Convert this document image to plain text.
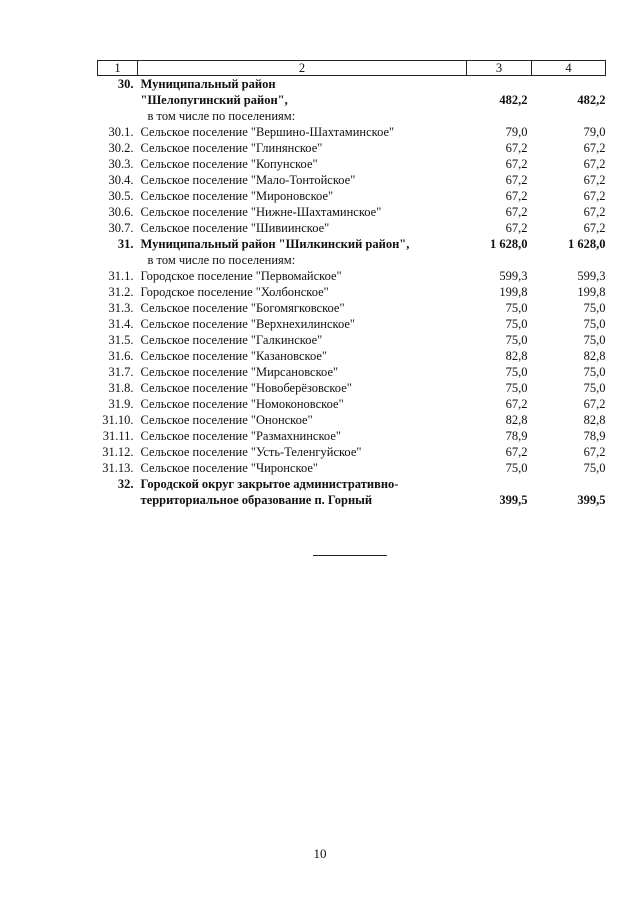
1	2	3	4
30.	Муниципальный район		
	"Шелопугинский район",	482,2	482,2
	в том числе по поселениям:		
30.1.	Сельское поселение "Вершино-Шахтаминское"	79,0	79,0
30.2.	Сельское поселение "Глинянское"	67,2	67,2
30.3.	Сельское поселение "Копунское"	67,2	67,2
30.4.	Сельское поселение "Мало-Тонтойское"	67,2	67,2
30.5.	Сельское поселение "Мироновское"	67,2	67,2
30.6.	Сельское поселение "Нижне-Шахтаминское"	67,2	67,2
30.7.	Сельское поселение "Шивиинское"	67,2	67,2
31.	Муниципальный район "Шилкинский район",	1 628,0	1 628,0
	в том числе по поселениям:		
31.1.	Городское поселение "Первомайское"	599,3	599,3
31.2.	Городское поселение "Холбонское"	199,8	199,8
31.3.	Сельское поселение "Богомягковское"	75,0	75,0
31.4.	Сельское поселение "Верхнехилинское"	75,0	75,0
31.5.	Сельское поселение "Галкинское"	75,0	75,0
31.6.	Сельское поселение "Казановское"	82,8	82,8
31.7.	Сельское поселение "Мирсановское"	75,0	75,0
31.8.	Сельское поселение "Новоберёзовское"	75,0	75,0
31.9.	Сельское поселение "Номоконовское"	67,2	67,2
31.10.	Сельское поселение "Ононское"	82,8	82,8
31.11.	Сельское поселение "Размахнинское"	78,9	78,9
31.12.	Сельское поселение "Усть-Теленгуйское"	67,2	67,2
31.13.	Сельское поселение "Чиронское"	75,0	75,0
32.	Городской округ закрытое административно-		
	территориальное образование п. Горный	399,5	399,5
10
